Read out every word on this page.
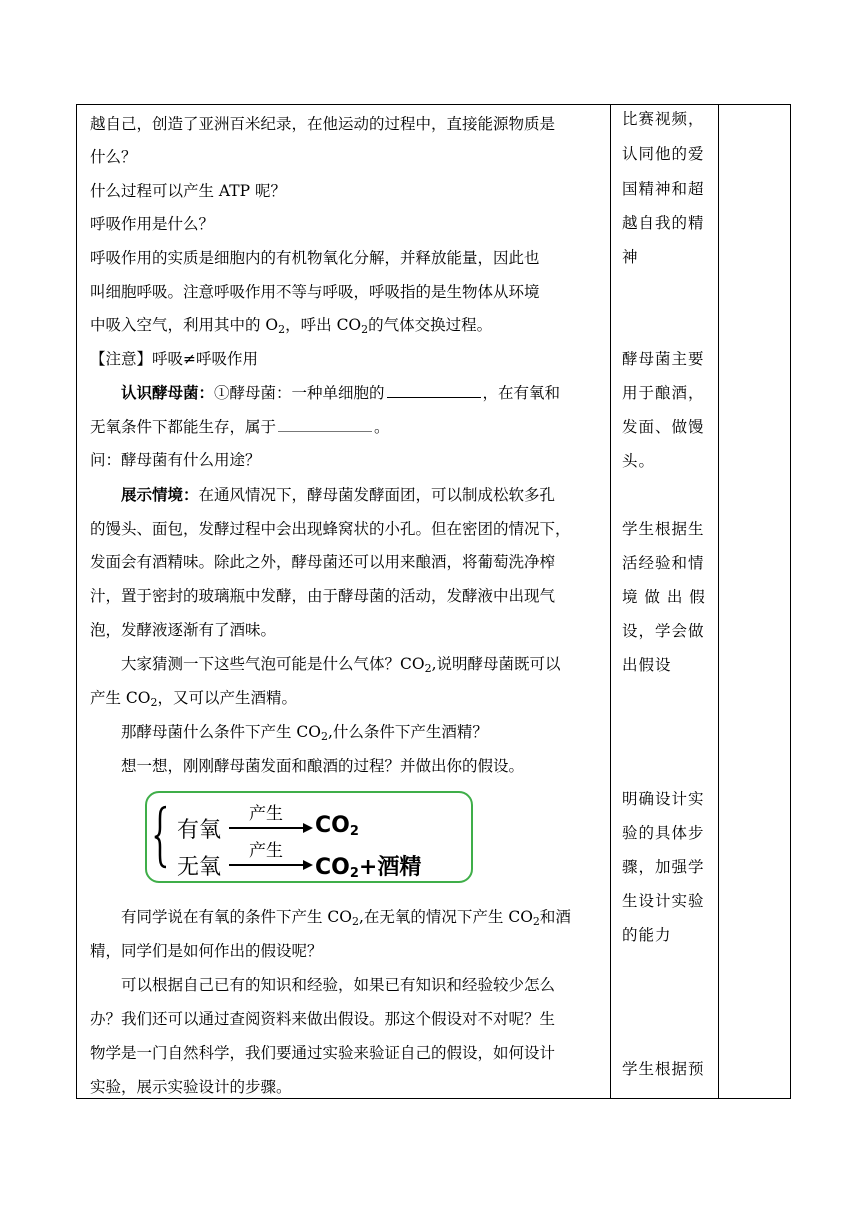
越自己，创造了亚洲百米纪录，在他运动的过程中，直接能源物质是
什么？
什么过程可以产生 ATP 呢？
呼吸作用是什么？
呼吸作用的实质是细胞内的有机物氧化分解，并释放能量，因此也
叫细胞呼吸。注意呼吸作用不等与呼吸，呼吸指的是生物体从环境
中吸入空气，利用其中的 $O_2$，呼出 $CO_2$的气体交换过程。
【注意】呼吸≠呼吸作用
认识酵母菌：①酵母菌：一种单细胞的	，在有氧和
无氧条件下都能生存，属于	。
问：酵母菌有什么用途？
展示情境：在通风情况下，酵母菌发酵面团，可以制成松软多孔
的馒头、面包，发酵过程中会出现蜂窝状的小孔。但在密团的情况下，
发面会有酒精味。除此之外，酵母菌还可以用来酿酒，将葡萄洗净榨
汁，置于密封的玻璃瓶中发酵，由于酵母菌的活动，发酵液中出现气
泡，发酵液逐渐有了酒味。
大家猜测一下这些气泡可能是什么气体？$CO_2$,说明酵母菌既可以
产生 $CO_2$，又可以产生酒精。
那酵母菌什么条件下产生 $CO_2$,什么条件下产生酒精？
想一想，刚刚酵母菌发面和酿酒的过程？并做出你的假设。
有氧
产生 $CO_2$
无氧
产生
$CO_2+$酒精
有同学说在有氧的条件下产生 $CO_2$,在无氧的情况下产生 $CO_2$和酒
精，同学们是如何作出的假设呢？
可以根据自己已有的知识和经验，如果已有知识和经验较少怎么
办？我们还可以通过查阅资料来做出假设。那这个假设对不对呢？生
物学是一门自然科学，我们要通过实验来验证自己的假设，如何设计
实验，展示实验设计的步骤。
比赛视频，
认同他的爱
国精神和超
越自我的精
神
酵母菌主要
用于酿酒，
发面、做馒
头。
学生根据生
活经验和情
境 做 出 假
设，学会做
出假设
明确设计实
验的具体步
骤，加强学
生设计实验
的能力
学生根据预
